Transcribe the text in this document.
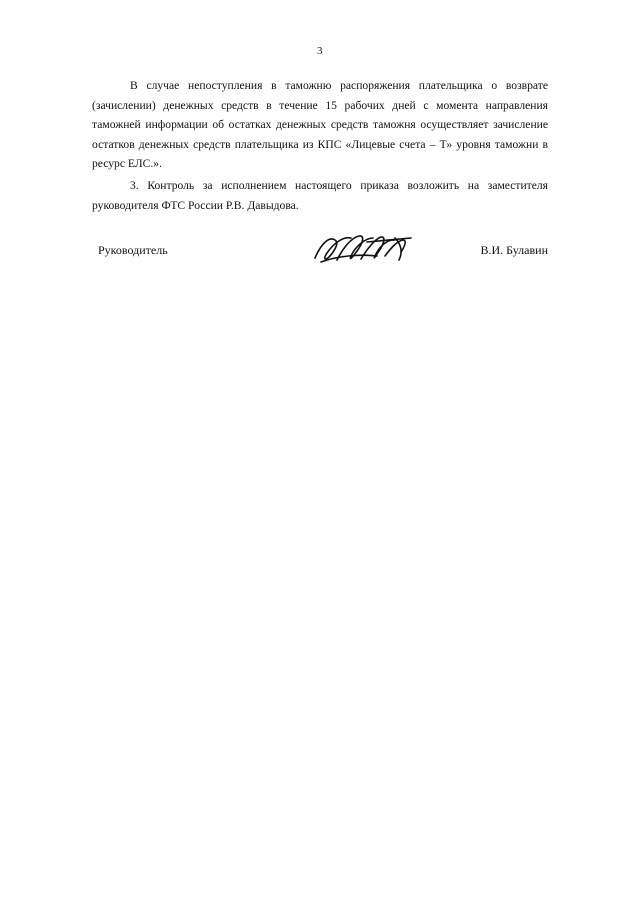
3

В случае непоступления в таможню распоряжения плательщика о возврате (зачислении) денежных средств в течение 15 рабочих дней с момента направления таможней информации об остатках денежных средств таможня осуществляет зачисление остатков денежных средств плательщика из КПС «Лицевые счета – Т» уровня таможни в ресурс ЕЛС.».

3. Контроль за исполнением настоящего приказа возложить на заместителя руководителя ФТС России Р.В. Давыдова.

Руководитель	В.И. Булавин
